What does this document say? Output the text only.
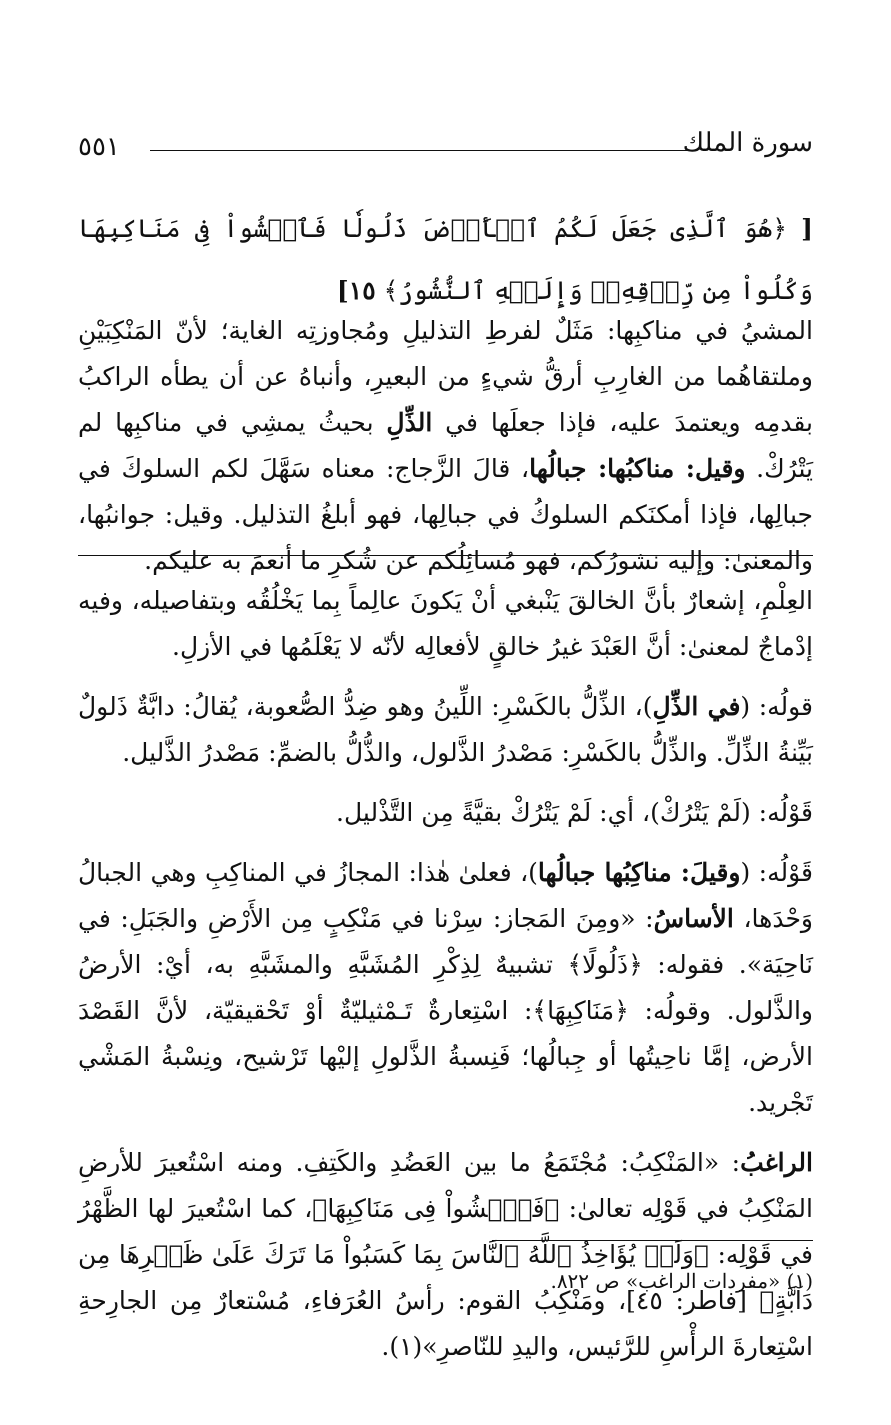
٥٥١	سورة الملك
[ ﴿هُوَ ٱلَّذِى جَعَلَ لَكُمُ ٱلۡأَرۡضَ ذَلُولٗا فَٱمۡشُواْ فِى مَنَاكِبِهَا وَكُلُواْ مِن رِّزۡقِهِۦۖ وَإِلَيۡهِ ٱلنُّشُورُ﴾ ١٥]

المشيُ في مناكبِها: مَثَلٌ لفرطِ التذليلِ ومُجاوزتِه الغاية؛ لأنّ المَنْكِبَيْنِ وملتقاهُما من الغارِبِ أرقُّ شيءٍ من البعيرِ، وأنباهُ عن أن يطأه الراكبُ بقدمِه ويعتمدَ عليه، فإذا جعلَها في الذِّلِ بحيثُ يمشِي في مناكبِها لم يَتْرُكْ. وقيل: مناكبُها: جبالُها، قالَ الزَّجاج: معناه سَهَّلَ لكم السلوكَ في جبالِها، فإذا أمكنَكم السلوكُ في جبالِها، فهو أبلغُ التذليل. وقيل: جوانبُها، والمعنىٰ: وإليه نشورُكم، فهو مُسائِلُكم عن شُكرِ ما أنعمَ به عليكم.

العِلْمِ، إشعارٌ بأنَّ الخالقَ يَنْبغي أنْ يَكونَ عالِماً بِما يَخْلُقُه وبتفاصيله، وفيه إدْماجٌ لمعنىٰ: أنَّ العَبْدَ غيرُ خالقٍ لأفعالِه لأنّه لا يَعْلَمُها في الأزلِ.

قولُه: (في الذِّلِ)، الذِّلُّ بالكَسْرِ: اللِّينُ وهو ضِدُّ الصُّعوبة، يُقالُ: دابَّةٌ ذَلولٌ بَيِّنةُ الذِّلِّ. والذِّلُّ بالكَسْرِ: مَصْدرُ الذَّلول، والذُّلُّ بالضمِّ: مَصْدرُ الذَّليل.

قَوْلُه: (لَمْ يَتْرُكْ)، أي: لَمْ يَتْرُكْ بقيَّةً مِن التَّذْليل.

قَوْلُه: (وقيلَ: مناكِبُها جبالُها)، فعلىٰ هٰذا: المجازُ في المناكِبِ وهي الجبالُ وَحْدَها، الأساسُ: «ومِنَ المَجاز: سِرْنا في مَنْكِبٍ مِن الأَرْضِ والجَبَلِ: في نَاحِيَة». فقوله: ﴿ذَلُولًا﴾ تشبيهٌ لِذِكْرِ المُشَبَّهِ والمشَبَّهِ به، أيْ: الأرضُ والذَّلول. وقولُه: ﴿مَنَاكِبِهَا﴾: اسْتِعارةٌ تَـمْثيليّةٌ أوْ تَحْقيقيّة، لأنَّ القَصْدَ الأرض، إمَّا ناحِيتُها أو جِبالُها؛ فَنِسبةُ الذَّلولِ إليْها تَرْشيح، ونِسْبةُ المَشْي تَجْريد.

الراغبُ: «المَنْكِبُ: مُجْتَمَعُ ما بين العَضُدِ والكَتِفِ. ومنه اسْتُعيرَ للأرضِ المَنْكِبُ في قَوْلِه تعالىٰ: ﴿فَٱمۡشُواْ فِى مَنَاكِبِهَا﴾، كما اسْتُعيرَ لها الظَّهْرُ في قَوْلِه: ﴿وَلَوۡ يُؤَاخِذُ ٱللَّهُ ٱلنَّاسَ بِمَا كَسَبُواْ مَا تَرَكَ عَلَىٰ ظَهۡرِهَا مِن دَآبَّةٍ﴾ [فاطر: ٤٥]، ومَنْكِبُ القوم: رأسُ العُرَفاءِ، مُسْتعارٌ مِن الجارِحةِ اسْتِعارةَ الرأْسِ للرَّئيس، واليدِ للنّاصرِ»(١).

(١) «مفردات الراغب» ص ٨٢٢.
